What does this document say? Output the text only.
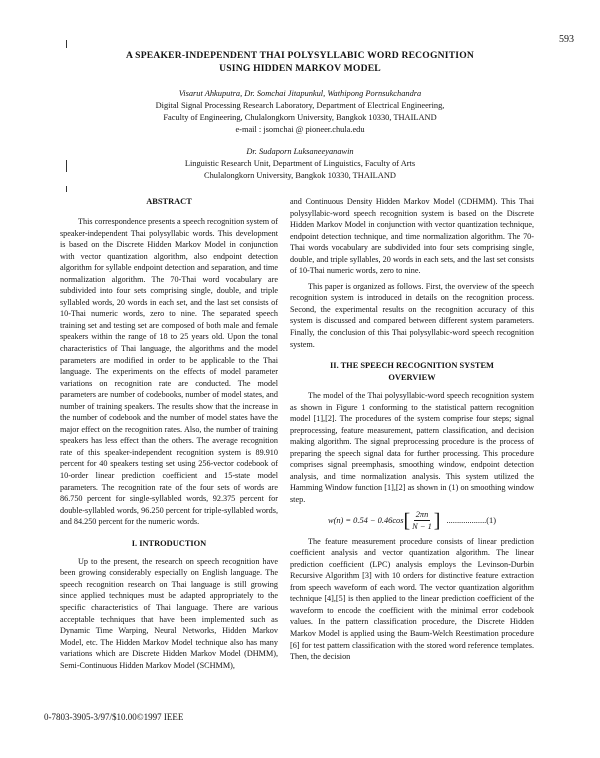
593
A SPEAKER-INDEPENDENT THAI POLYSYLLABIC WORD RECOGNITION
USING HIDDEN MARKOV MODEL
Visarut Ahkuputra, Dr. Somchai Jitapunkul, Wathipong Pornsukchandra
Digital Signal Processing Research Laboratory, Department of Electrical Engineering,
Faculty of Engineering, Chulalongkorn University, Bangkok 10330, THAILAND
e-mail : jsomchai @ pioneer.chula.edu
Dr. Sudaporn Luksaneeyanawin
Linguistic Research Unit, Department of Linguistics, Faculty of Arts
Chulalongkorn University, Bangkok 10330, THAILAND
ABSTRACT

This correspondence presents a speech recognition system of speaker-independent Thai polysyllabic words. This development is based on the Discrete Hidden Markov Model in conjunction with vector quantization algorithm, also endpoint detection algorithm for syllable endpoint detection and separation, and time normalization algorithm. The 70-Thai word vocabulary are subdivided into four sets comprising single, double, and triple syllabled words, 20 words in each set, and the last set consists of 10-Thai numeric words, zero to nine. The separated speech training set and testing set are composed of both male and female speakers within the range of 18 to 25 years old. Upon the tonal characteristics of Thai language, the algorithms and the model parameters are modified in order to be applicable to the Thai language. The experiments on the effects of model parameter variations on recognition rate are conducted. The model parameters are number of codebooks, number of model states, and number of training speakers. The results show that the increase in the number of codebook and the number of model states have the major effect on the recognition rates. Also, the number of training speakers has less effect than the others. The average recognition rate of this speaker-independent recognition system is 89.910 percent for 40 speakers testing set using 256-vector codebook of 10-order linear prediction coefficient and 15-state model parameters. The recognition rate of the four sets of words are 86.750 percent for single-syllabled words, 92.375 percent for double-syllabled words, 96.250 percent for triple-syllabled words, and 84.250 percent for the numeric words.

I. INTRODUCTION

Up to the present, the research on speech recognition have been growing considerably especially on English language. The speech recognition research on Thai language is still growing since applied techniques must be adapted appropriately to the specific characteristics of Thai language. There are various acceptable techniques that have been implemented such as Dynamic Time Warping, Neural Networks, Hidden Markov Model, etc. The Hidden Markov Model technique also has many variations which are Discrete Hidden Markov Model (DHMM), Semi-Continuous Hidden Markov Model (SCHMM),

and Continuous Density Hidden Markov Model (CDHMM). This Thai polysyllabic-word speech recognition system is based on the Discrete Hidden Markov Model in conjunction with vector quantization technique, endpoint detection technique, and time normalization algorithm. The 70-Thai words vocabulary are subdivided into four sets comprising single, double, and triple syllables, 20 words in each sets, and the last set consists of 10-Thai numeric words, zero to nine.

This paper is organized as follows. First, the overview of the speech recognition system is introduced in details on the recognition process. Second, the experimental results on the recognition accuracy of this system is discussed and compared between different system parameters. Finally, the conclusion of this Thai polysyllabic-word speech recognition system.

II. THE SPEECH RECOGNITION SYSTEM
OVERVIEW

The model of the Thai polysyllabic-word speech recognition system as shown in Figure 1 conforming to the statistical pattern recognition model [1],[2]. The procedures of the system comprise four steps; signal preprocessing, feature measurement, pattern classification, and decision making algorithm. The signal preprocessing procedure is the process of preparing the speech signal data for further processing. This procedure comprises signal preemphasis, smoothing window, endpoint detection analysis, and time normalization analysis. This system utilized the Hamming Window function [1],[2] as shown in (1) on smoothing window step.

w(n) = 0.54 − 0.46cos [ $\frac{2\pi n}{N - 1}$ ] ...................(1)

The feature measurement procedure consists of linear prediction coefficient analysis and vector quantization algorithm. The linear prediction coefficient (LPC) analysis employs the Levinson-Durbin Recursive Algorithm [3] with 10 orders for distinctive feature extraction from speech waveform of each word. The vector quantization algorithm technique [4],[5] is then applied to the linear prediction coefficient of the waveform to encode the coefficient with the minimal error codebook values. In the pattern classification procedure, the Discrete Hidden Markov Model is applied using the Baum-Welch Reestimation procedure [6] for test pattern classification with the stored word reference templates. Then, the decision

0-7803-3905-3/97/$10.00©1997 IEEE
